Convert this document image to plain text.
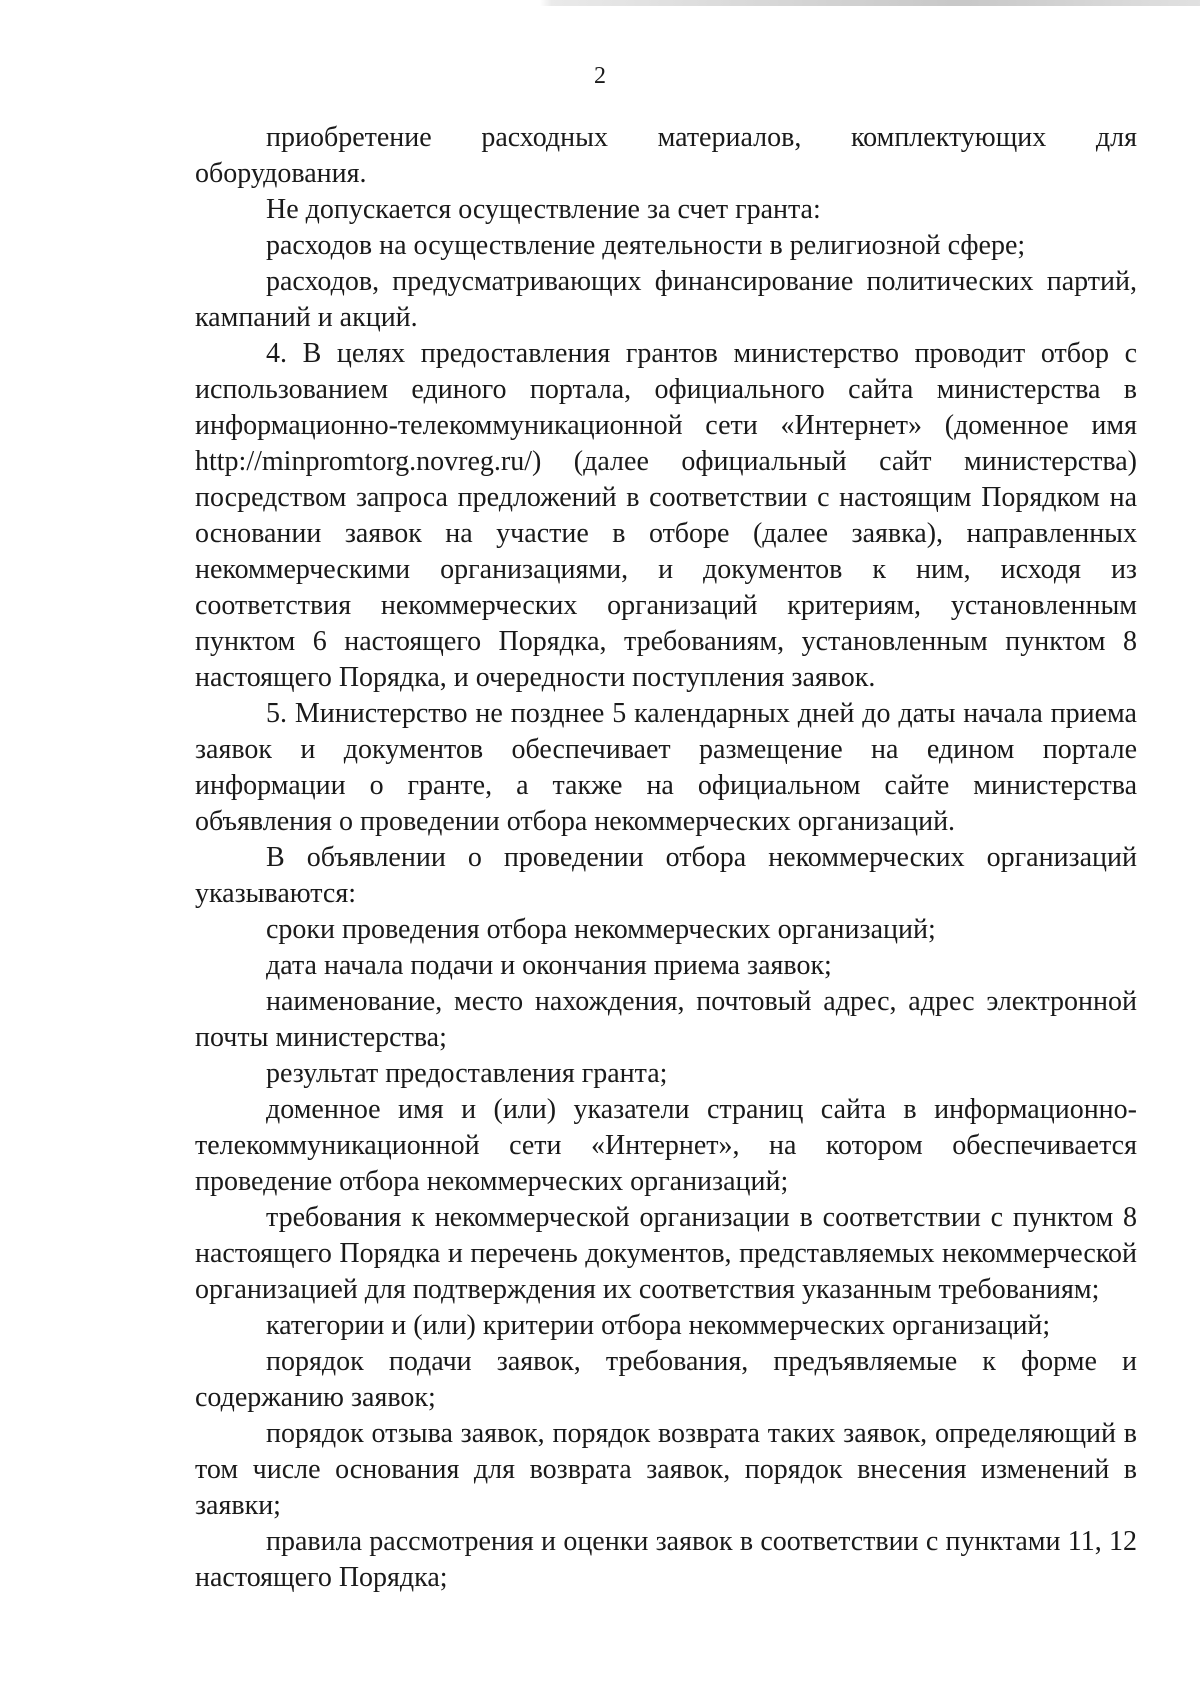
2

приобретение расходных материалов, комплектующих для оборудования.

Не допускается осуществление за счет гранта:

расходов на осуществление деятельности в религиозной сфере;

расходов, предусматривающих финансирование политических партий, кампаний и акций.

4. В целях предоставления грантов министерство проводит отбор с использованием единого портала, официального сайта министерства в информационно-телекоммуникационной сети «Интернет» (доменное имя http://minpromtorg.novreg.ru/) (далее официальный сайт министерства) посредством запроса предложений в соответствии с настоящим Порядком на основании заявок на участие в отборе (далее заявка), направленных некоммерческими организациями, и документов к ним, исходя из соответствия некоммерческих организаций критериям, установленным пунктом 6 настоящего Порядка, требованиям, установленным пунктом 8 настоящего Порядка, и очередности поступления заявок.

5. Министерство не позднее 5 календарных дней до даты начала приема заявок и документов обеспечивает размещение на едином портале информации о гранте, а также на официальном сайте министерства объявления о проведении отбора некоммерческих организаций.

В объявлении о проведении отбора некоммерческих организаций указываются:

сроки проведения отбора некоммерческих организаций;

дата начала подачи и окончания приема заявок;

наименование, место нахождения, почтовый адрес, адрес электронной почты министерства;

результат предоставления гранта;

доменное имя и (или) указатели страниц сайта в информационно-телекоммуникационной сети «Интернет», на котором обеспечивается проведение отбора некоммерческих организаций;

требования к некоммерческой организации в соответствии с пунктом 8 настоящего Порядка и перечень документов, представляемых некоммерческой организацией для подтверждения их соответствия указанным требованиям;

категории и (или) критерии отбора некоммерческих организаций;

порядок подачи заявок, требования, предъявляемые к форме и содержанию заявок;

порядок отзыва заявок, порядок возврата таких заявок, определяющий в том числе основания для возврата заявок, порядок внесения изменений в заявки;

правила рассмотрения и оценки заявок в соответствии с пунктами 11, 12 настоящего Порядка;
